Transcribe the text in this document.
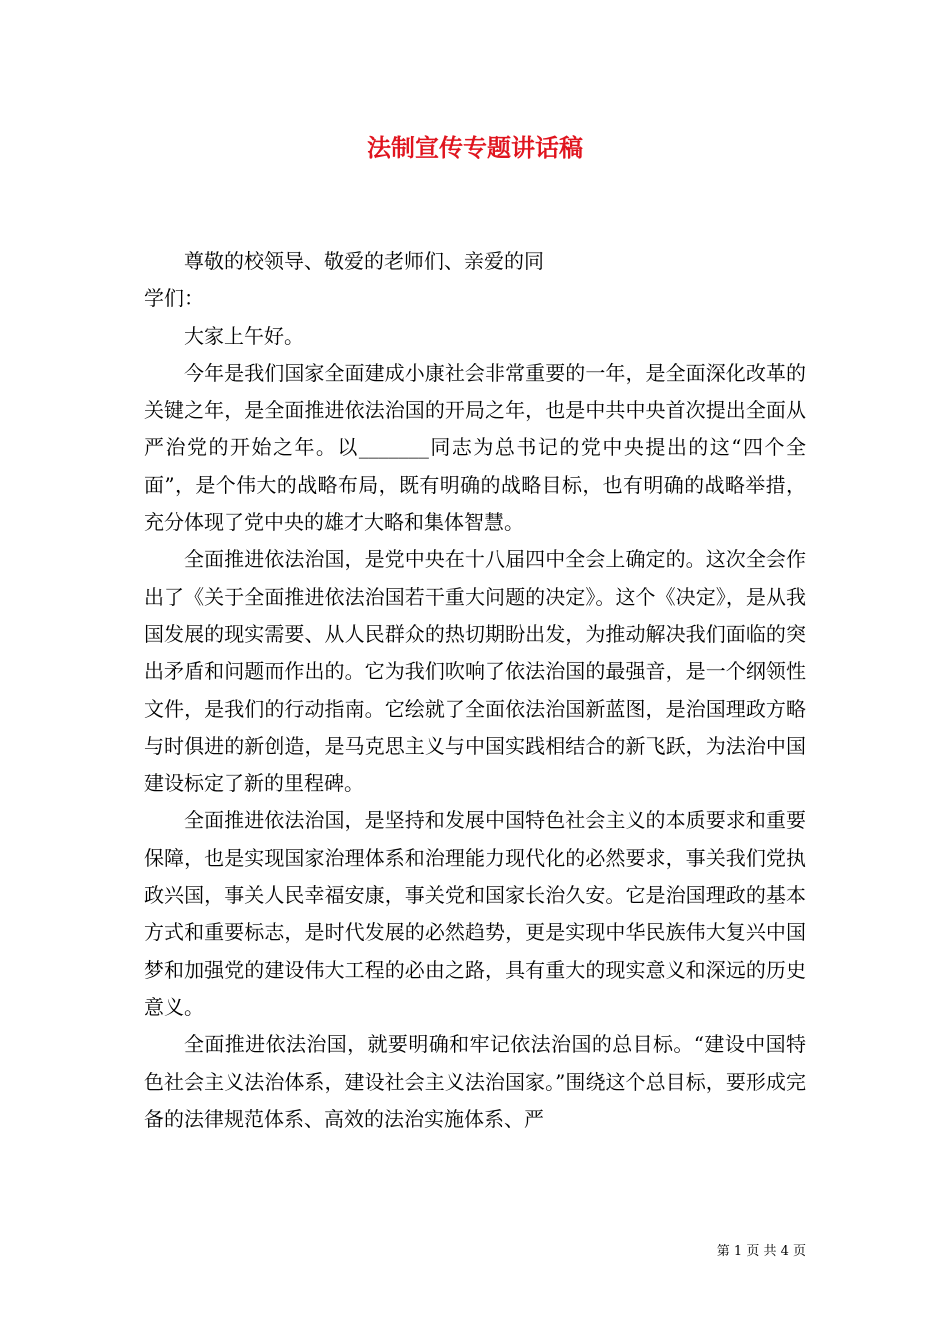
法制宣传专题讲话稿

尊敬的校领导、敬爱的老师们、亲爱的同学们：

大家上午好。

今年是我们国家全面建成小康社会非常重要的一年，是全面深化改革的关键之年，是全面推进依法治国的开局之年，也是中共中央首次提出全面从严治党的开始之年。以_______同志为总书记的党中央提出的这“四个全面”，是个伟大的战略布局，既有明确的战略目标，也有明确的战略举措，充分体现了党中央的雄才大略和集体智慧。

全面推进依法治国，是党中央在十八届四中全会上确定的。这次全会作出了《关于全面推进依法治国若干重大问题的决定》。这个《决定》，是从我国发展的现实需要、从人民群众的热切期盼出发，为推动解决我们面临的突出矛盾和问题而作出的。它为我们吹响了依法治国的最强音，是一个纲领性文件，是我们的行动指南。它绘就了全面依法治国新蓝图，是治国理政方略与时俱进的新创造，是马克思主义与中国实践相结合的新飞跃，为法治中国建设标定了新的里程碑。

全面推进依法治国，是坚持和发展中国特色社会主义的本质要求和重要保障，也是实现国家治理体系和治理能力现代化的必然要求，事关我们党执政兴国，事关人民幸福安康，事关党和国家长治久安。它是治国理政的基本方式和重要标志，是时代发展的必然趋势，更是实现中华民族伟大复兴中国梦和加强党的建设伟大工程的必由之路，具有重大的现实意义和深远的历史意义。

全面推进依法治国，就要明确和牢记依法治国的总目标。“建设中国特色社会主义法治体系，建设社会主义法治国家。”围绕这个总目标，要形成完备的法律规范体系、高效的法治实施体系、严

第 1 页 共 4 页
